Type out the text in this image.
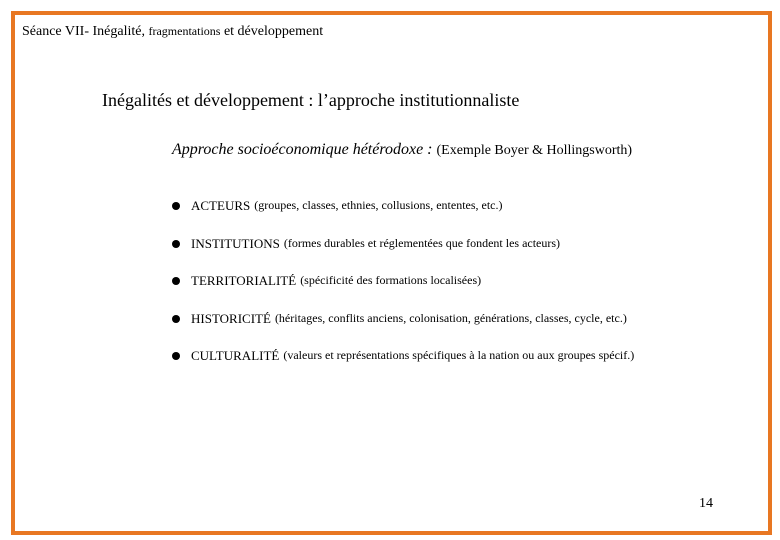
Séance VII- Inégalité, fragmentations et développement
Inégalités et développement : l’approche institutionnaliste
Approche socioéconomique hétérodoxe : (Exemple Boyer & Hollingsworth)
ACTEURS (groupes, classes, ethnies, collusions, ententes, etc.)
INSTITUTIONS (formes durables et réglementées que fondent les acteurs)
TERRITORIALITÉ (spécificité des formations localisées)
HISTORICITÉ (héritages, conflits anciens, colonisation, générations, classes, cycle, etc.)
CULTURALITÉ (valeurs et représentations spécifiques à la nation ou aux groupes spécif.)
14
